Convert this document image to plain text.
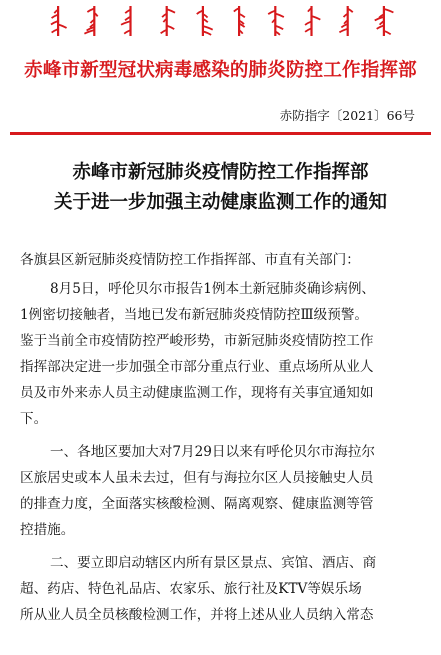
赤峰市新型冠状病毒感染的肺炎防控工作指挥部
赤防指字〔2021〕66号
赤峰市新冠肺炎疫情防控工作指挥部
关于进一步加强主动健康监测工作的通知
各旗县区新冠肺炎疫情防控工作指挥部、市直有关部门：
8月5日，呼伦贝尔市报告1例本土新冠肺炎确诊病例、
1例密切接触者，当地已发布新冠肺炎疫情防控Ⅲ级预警。
鉴于当前全市疫情防控严峻形势，市新冠肺炎疫情防控工作
指挥部决定进一步加强全市部分重点行业、重点场所从业人
员及市外来赤人员主动健康监测工作，现将有关事宜通知如
下。
一、各地区要加大对7月29日以来有呼伦贝尔市海拉尔
区旅居史或本人虽未去过，但有与海拉尔区人员接触史人员
的排查力度，全面落实核酸检测、隔离观察、健康监测等管
控措施。
二、要立即启动辖区内所有景区景点、宾馆、酒店、商
超、药店、特色礼品店、农家乐、旅行社及KTV等娱乐场
所从业人员全员核酸检测工作，并将上述从业人员纳入常态
